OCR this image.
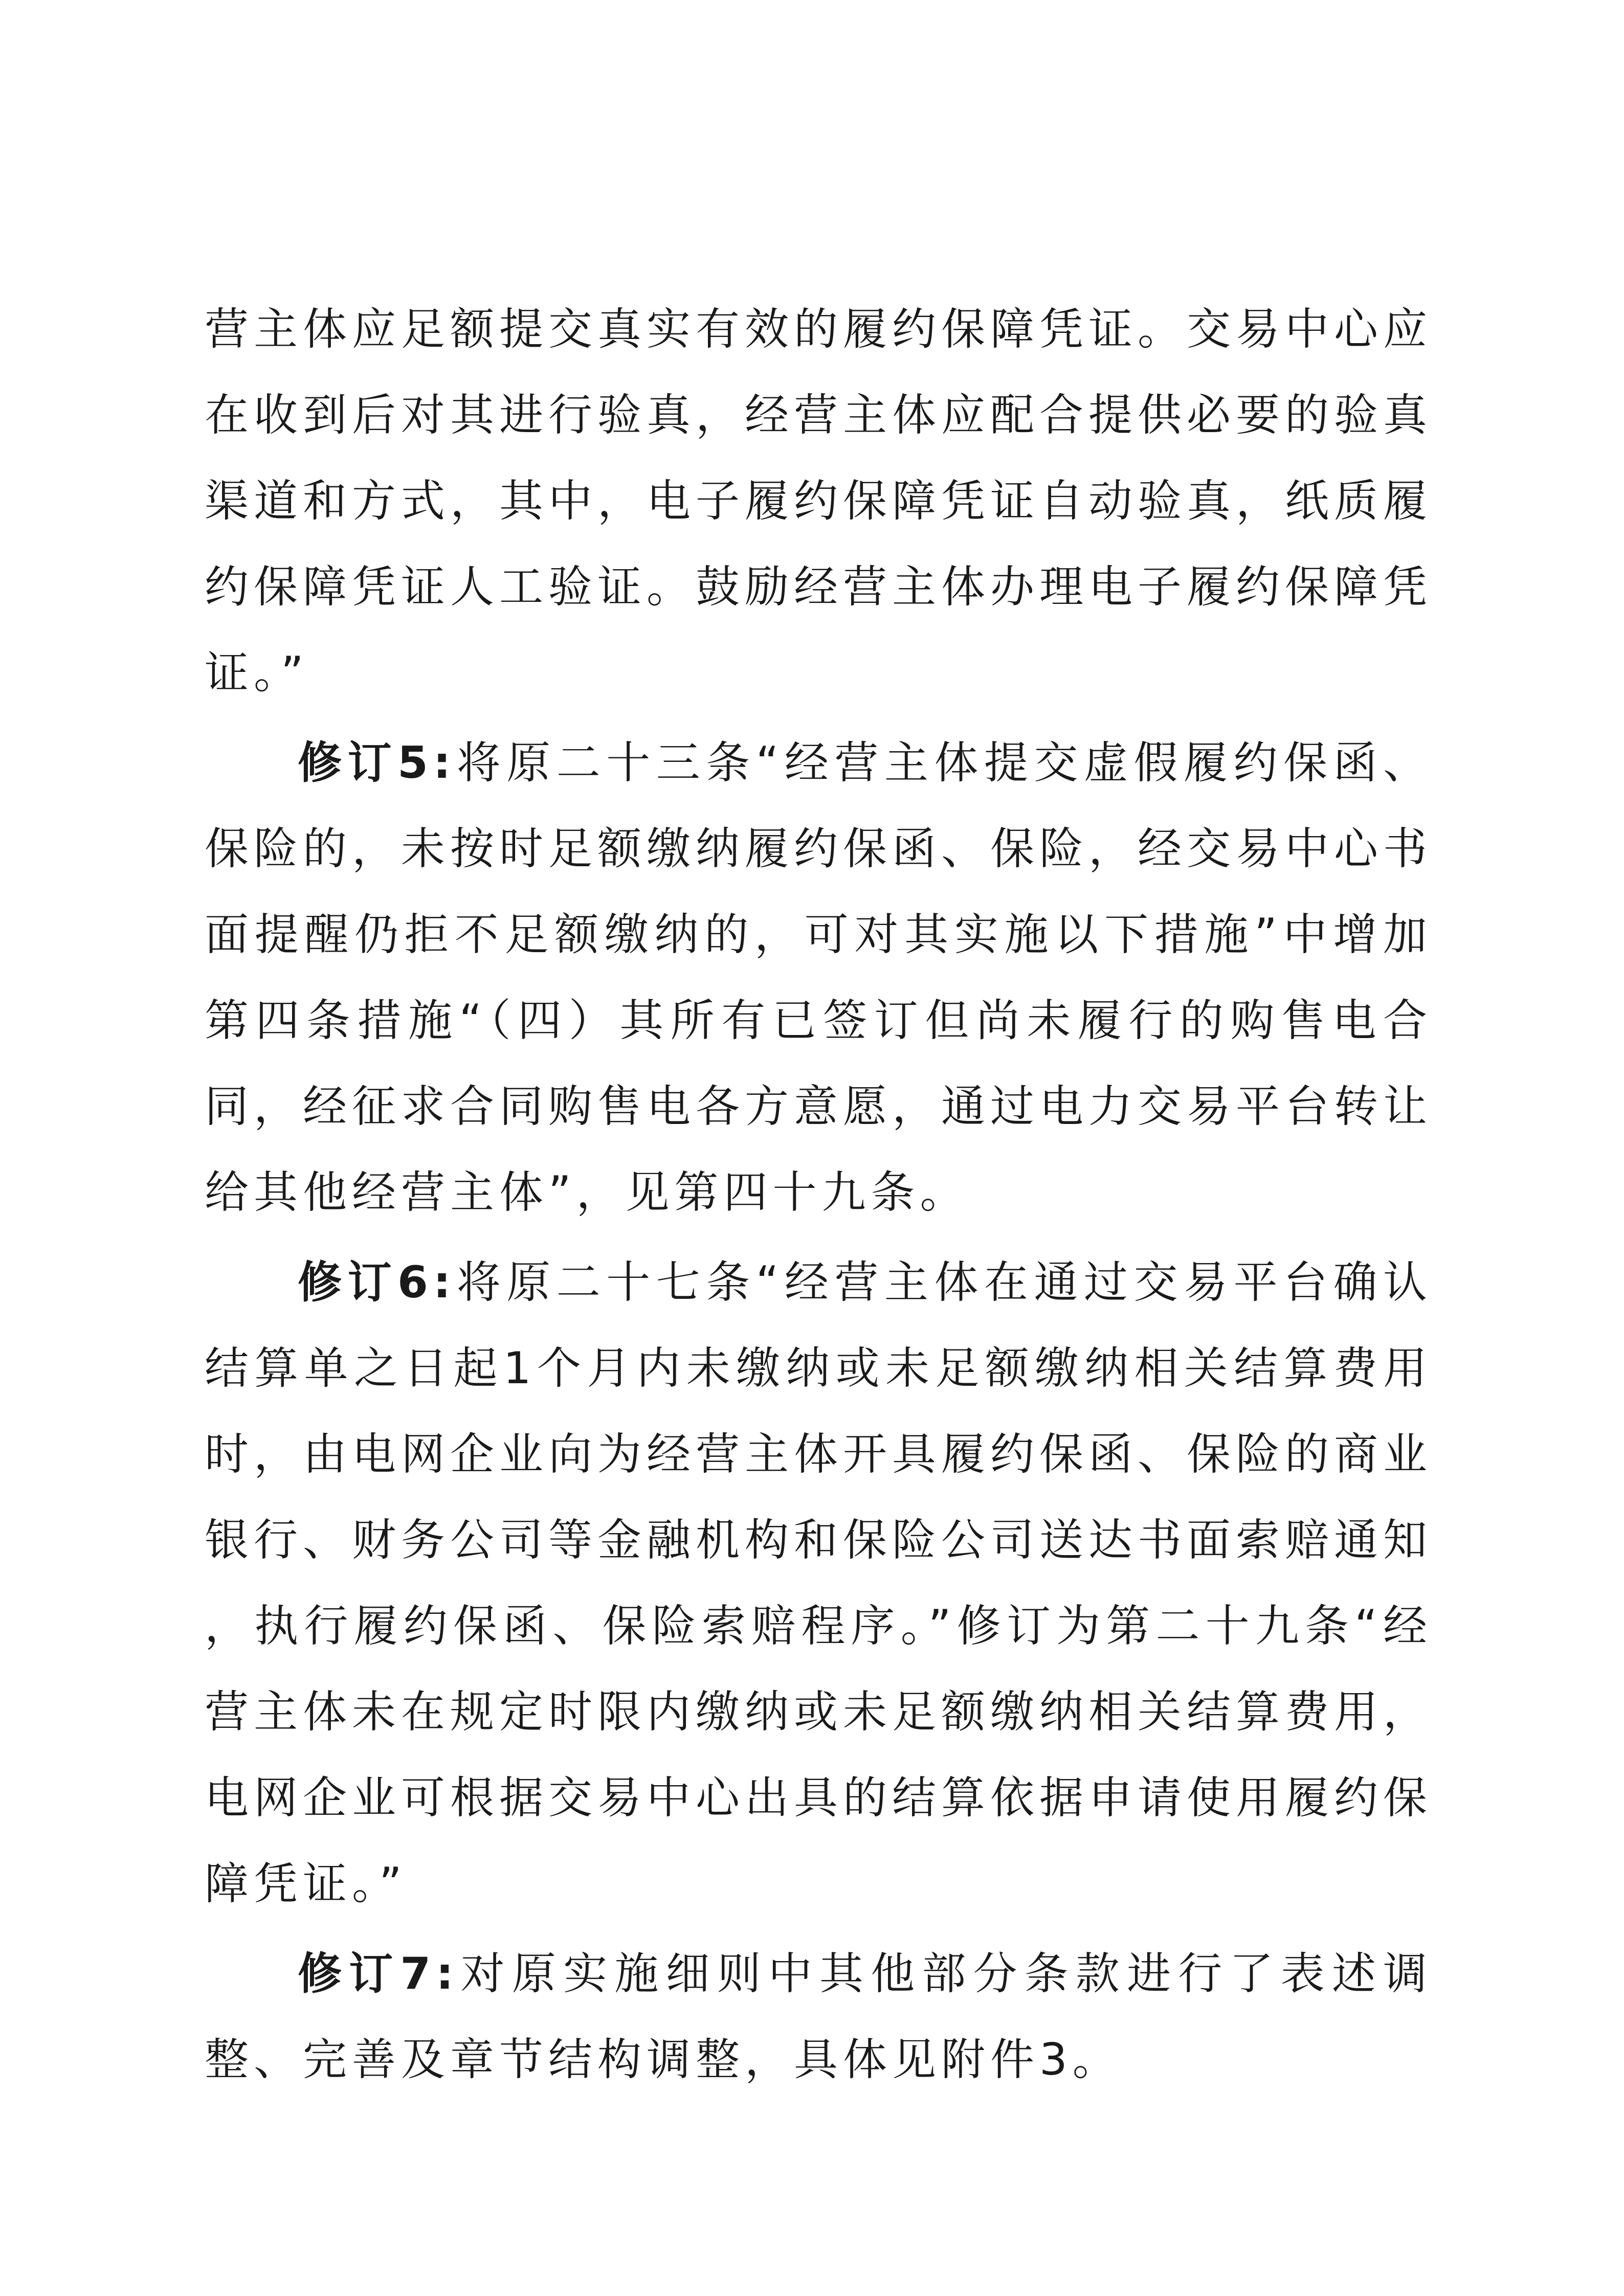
营主体应足额提交真实有效的履约保障凭证。交易中心应在收到后对其进行验真，经营主体应配合提供必要的验真渠道和方式，其中，电子履约保障凭证自动验真，纸质履约保障凭证人工验证。鼓励经营主体办理电子履约保障凭证。”

修订5:将原二十三条“经营主体提交虚假履约保函、保险的，未按时足额缴纳履约保函、保险，经交易中心书面提醒仍拒不足额缴纳的，可对其实施以下措施”中增加第四条措施“（四）其所有已签订但尚未履行的购售电合同，经征求合同购售电各方意愿，通过电力交易平台转让给其他经营主体”，见第四十九条。

修订6:将原二十七条“经营主体在通过交易平台确认结算单之日起1个月内未缴纳或未足额缴纳相关结算费用时，由电网企业向为经营主体开具履约保函、保险的商业银行、财务公司等金融机构和保险公司送达书面索赔通知，执行履约保函、保险索赔程序。”修订为第二十九条“经营主体未在规定时限内缴纳或未足额缴纳相关结算费用，电网企业可根据交易中心出具的结算依据申请使用履约保障凭证。”

修订7:对原实施细则中其他部分条款进行了表述调整、完善及章节结构调整，具体见附件3。
